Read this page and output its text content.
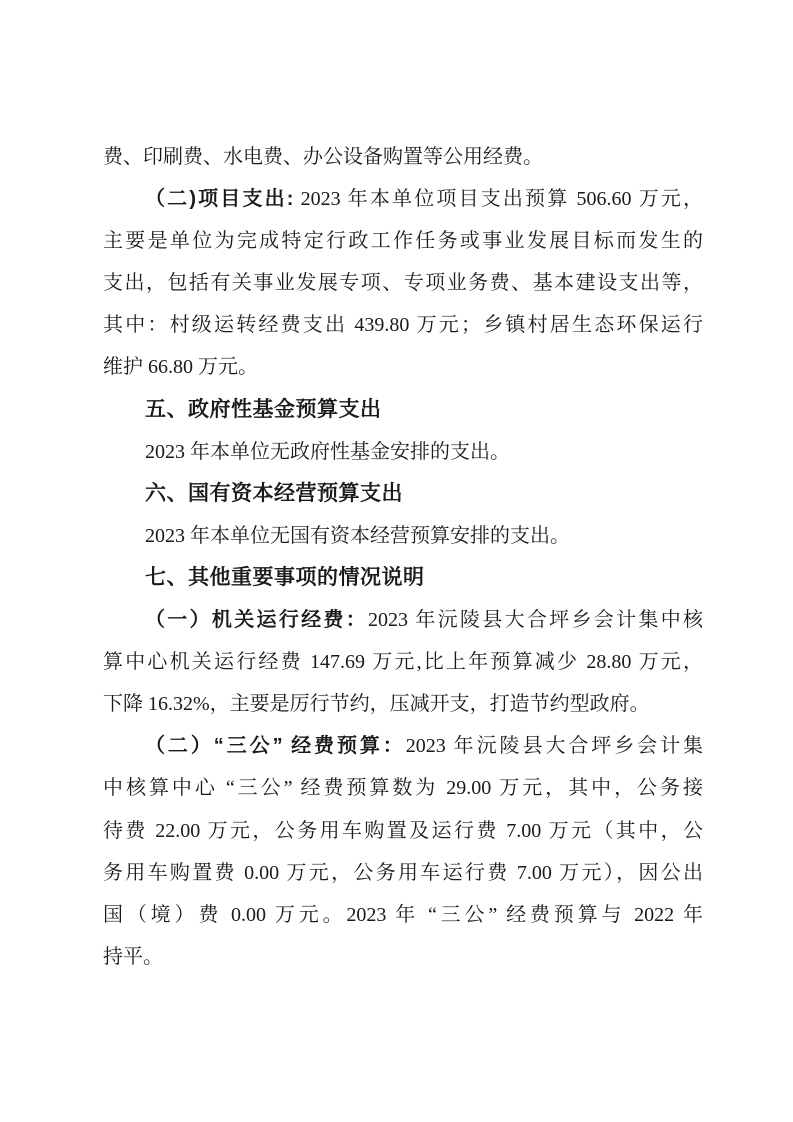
费、印刷费、水电费、办公设备购置等公用经费。
（二)项目支出: 2023 年本单位项目支出预算 506.60 万元，
主要是单位为完成特定行政工作任务或事业发展目标而发生的
支出，包括有关事业发展专项、专项业务费、基本建设支出等，
其中：村级运转经费支出 439.80 万元；乡镇村居生态环保运行
维护 66.80 万元。
五、政府性基金预算支出
2023 年本单位无政府性基金安排的支出。
六、国有资本经营预算支出
2023 年本单位无国有资本经营预算安排的支出。
七、其他重要事项的情况说明
（一）机关运行经费：2023 年沅陵县大合坪乡会计集中核
算中心机关运行经费 147.69 万元,比上年预算减少 28.80 万元，
下降 16.32%，主要是厉行节约，压减开支，打造节约型政府。
（二）“三公” 经费预算：2023 年沅陵县大合坪乡会计集
中核算中心 “三公” 经费预算数为 29.00 万元，其中，公务接
待费 22.00 万元，公务用车购置及运行费 7.00 万元（其中，公
务用车购置费 0.00 万元，公务用车运行费 7.00 万元），因公出
国（境）费 0.00 万元。2023 年 “三公” 经费预算与 2022 年
持平。
